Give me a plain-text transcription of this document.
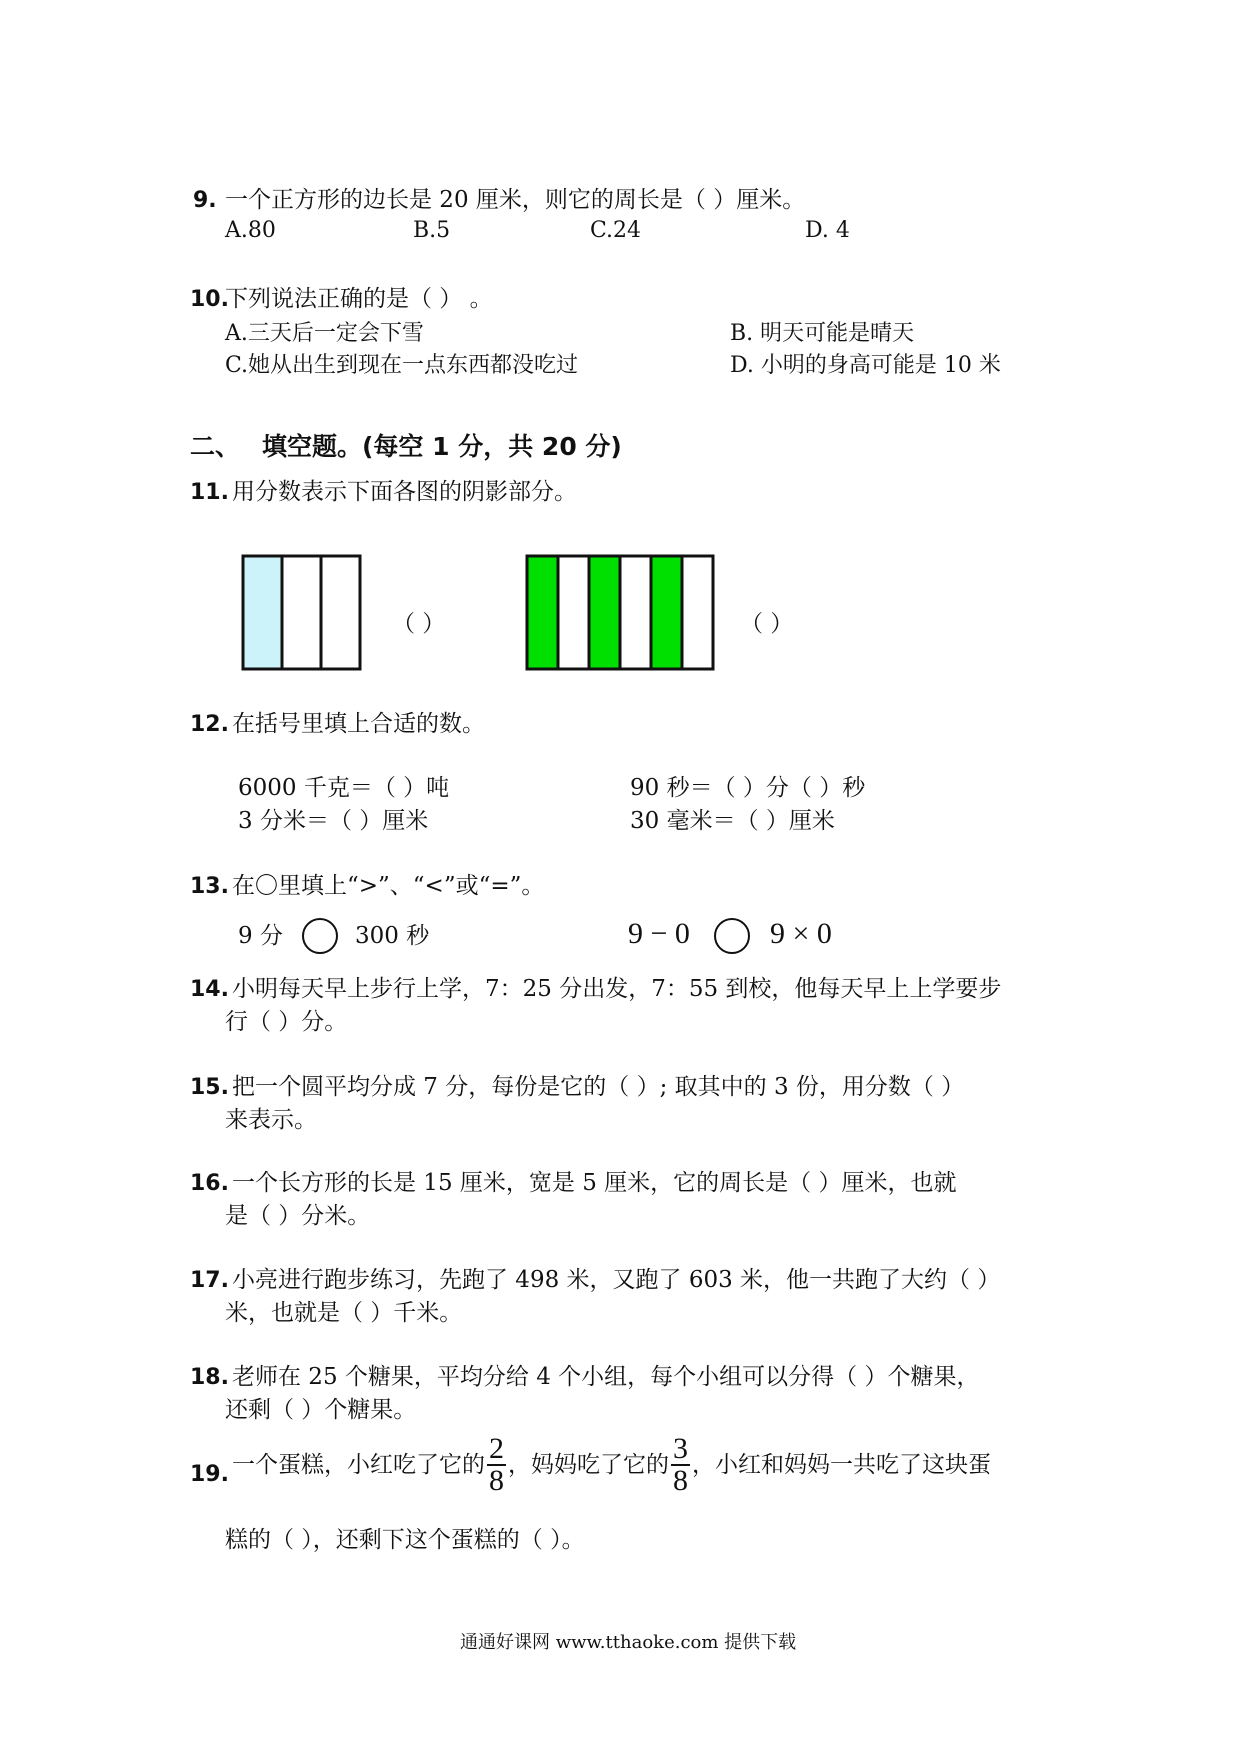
9. 一个正方形的边长是 20 厘米，则它的周长是（ ）厘米。
A.80	B.5	C.24	D. 4
10.
下列说法正确的是（ ） 。
A.三天后一定会下雪	B. 明天可能是晴天
C.她从出生到现在一点东西都没吃过	D. 小明的身高可能是 10 米
二、 填空题。(每空 1 分，共 20 分)
11. 用分数表示下面各图的阴影部分。
（ ）	（ ）
12. 在括号里填上合适的数。
6000 千克＝（ ）吨	90 秒＝（ ）分（ ）秒
3 分米＝（ ）厘米	30 毫米＝（ ）厘米
13. 在〇里填上“>”、“<”或“=”。
9 分	300 秒	9 − 0	9 × 0
14. 小明每天早上步行上学，7：25 分出发，7：55 到校，他每天早上上学要步
行（ ）分。
15. 把一个圆平均分成 7 分，每份是它的（ ）; 取其中的 3 份，用分数（ ）
来表示。
16. 一个长方形的长是 15 厘米，宽是 5 厘米，它的周长是（ ）厘米，也就
是（ ）分米。
17. 小亮进行跑步练习，先跑了 498 米，又跑了 603 米，他一共跑了大约（ ）
米，也就是（ ）千米。
18. 老师在 25 个糖果，平均分给 4 个小组，每个小组可以分得（ ）个糖果，
还剩（ ）个糖果。
19. 一个蛋糕，小红吃了它的 $\frac{2}{8}$ ，妈妈吃了它的 $\frac{3}{8}$ ，小红和妈妈一共吃了这块蛋
糕的（ ），还剩下这个蛋糕的（ ）。
通通好课网 www.tthaoke.com 提供下载
